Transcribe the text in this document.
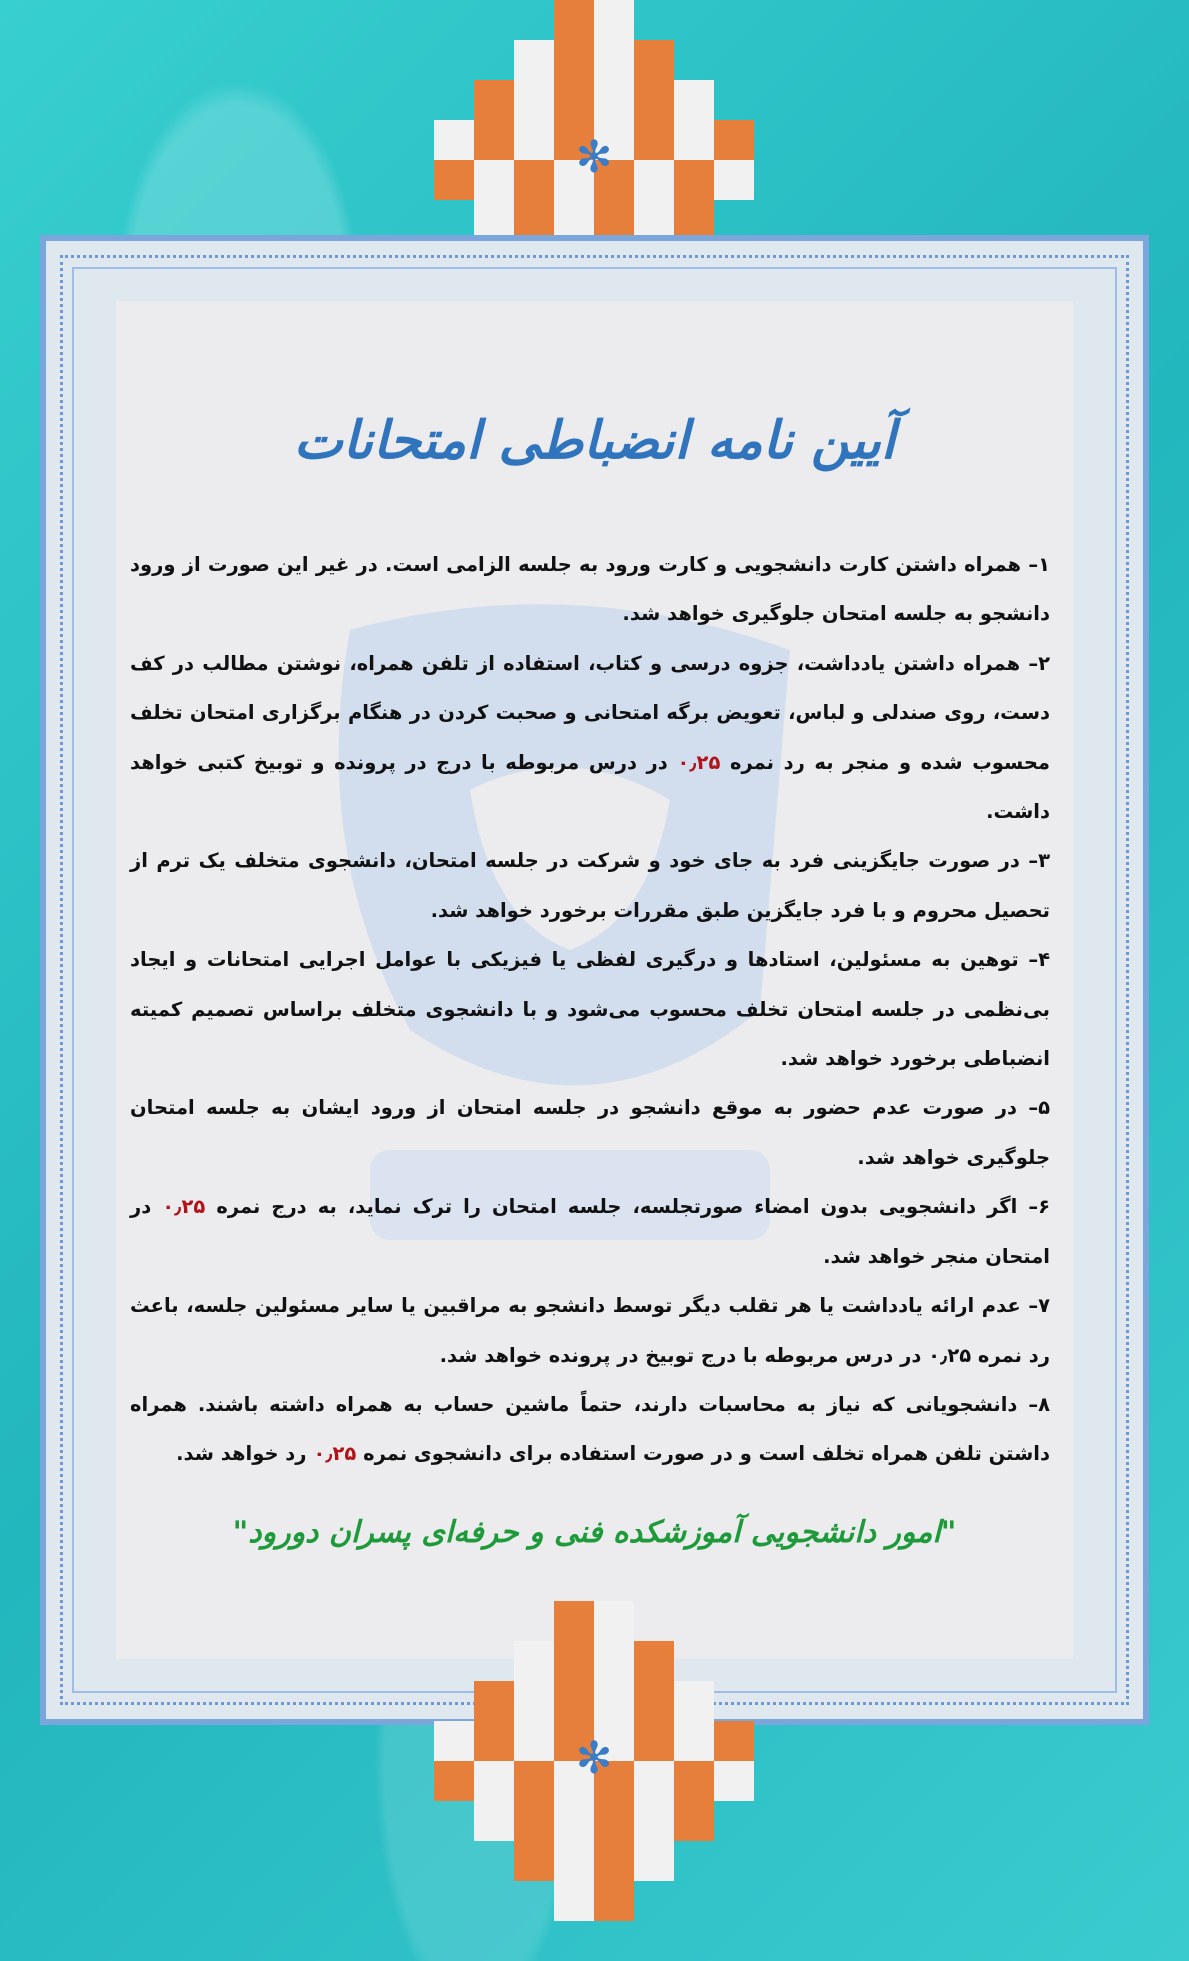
✻
✻
آیین نامه انضباطی امتحانات

۱– همراه داشتن کارت دانشجویی و کارت ورود به جلسه الزامی است. در غیر این صورت از ورود دانشجو به جلسه امتحان جلوگیری خواهد شد.

۲– همراه داشتن یادداشت، جزوه درسی و کتاب، استفاده از تلفن همراه، نوشتن مطالب در کف دست، روی صندلی و لباس، تعویض برگه امتحانی و صحبت کردن در هنگام برگزاری امتحان تخلف محسوب شده و منجر به رد نمره ۰٫۲۵ در درس مربوطه با درج در پرونده و توبیخ کتبی خواهد داشت.

۳– در صورت جایگزینی فرد به جای خود و شرکت در جلسه امتحان، دانشجوی متخلف یک ترم از تحصیل محروم و با فرد جایگزین طبق مقررات برخورد خواهد شد.

۴– توهین به مسئولین، استادها و درگیری لفظی یا فیزیکی با عوامل اجرایی امتحانات و ایجاد بی‌نظمی در جلسه امتحان تخلف محسوب می‌شود و با دانشجوی متخلف براساس تصمیم کمیته انضباطی برخورد خواهد شد.

۵– در صورت عدم حضور به موقع دانشجو در جلسه امتحان از ورود ایشان به جلسه امتحان جلوگیری خواهد شد.

۶– اگر دانشجویی بدون امضاء صورتجلسه، جلسه امتحان را ترک نماید، به درج نمره ۰٫۲۵ در امتحان منجر خواهد شد.

۷– عدم ارائه یادداشت یا هر تقلب دیگر توسط دانشجو به مراقبین یا سایر مسئولین جلسه، باعث رد نمره ۰٫۲۵ در درس مربوطه با درج توبیخ در پرونده خواهد شد.

۸– دانشجویانی که نیاز به محاسبات دارند، حتماً ماشین حساب به همراه داشته باشند. همراه داشتن تلفن همراه تخلف است و در صورت استفاده برای دانشجوی نمره ۰٫۲۵ رد خواهد شد.

"امور دانشجویی آموزشکده فنی و حرفه‌ای پسران دورود"
